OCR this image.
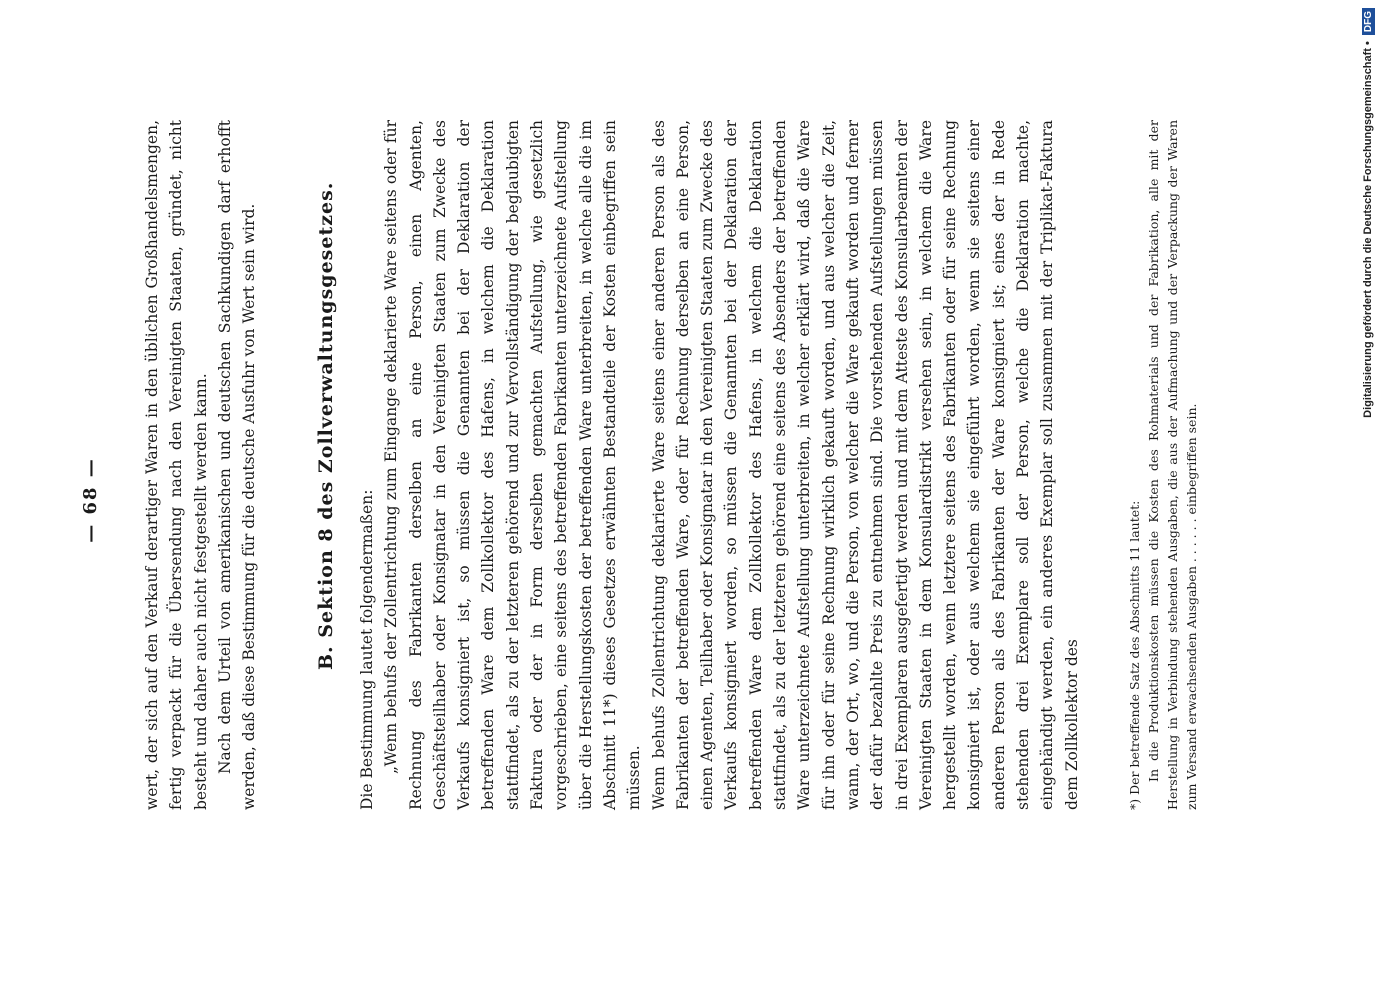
— 68 —	wert, der sich auf den Verkauf derartiger Waren in den üblichen Großhandelsmengen, fertig verpackt für die Übersendung nach den Vereinigten Staaten, gründet, nicht besteht und daher auch nicht festgestellt werden kann. Nach dem Urteil von amerikanischen und deutschen Sachkundigen darf erhofft werden, daß diese Bestimmung für die deutsche Ausfuhr von Wert sein wird.	B. Sektion 8 des Zollverwaltungsgesetzes.

Die Bestimmung lautet folgendermaßen: „Wenn behufs der Zollentrichtung zum Eingange deklarierte Ware seitens oder für Rechnung des Fabrikanten derselben an eine Person, einen Agenten, Geschäftsteilhaber oder Konsignatar in den Vereinigten Staaten zum Zwecke des Verkaufs konsigniert ist, so müssen die Genannten bei der Deklaration der betreffenden Ware dem Zollkollektor des Hafens, in welchem die Deklaration stattfindet, als zu der letzteren gehörend und zur Vervollständigung der beglaubigten Faktura oder der in Form derselben gemachten Aufstellung, wie gesetzlich vorgeschrieben, eine seitens des betreffenden Fabrikanten unterzeichnete Aufstellung über die Herstellungskosten der betreffenden Ware unterbreiten, in welche alle die im Abschnitt 11*) dieses Gesetzes erwähnten Bestandteile der Kosten einbegriffen sein müssen. Wenn behufs Zollentrichtung deklarierte Ware seitens einer anderen Person als des Fabrikanten der betreffenden Ware, oder für Rechnung derselben an eine Person, einen Agenten, Teilhaber oder Konsignatar in den Vereinigten Staaten zum Zwecke des Verkaufs konsigniert worden, so müssen die Genannten bei der Deklaration der betreffenden Ware dem Zollkollektor des Hafens, in welchem die Deklaration stattfindet, als zu der letzteren gehörend eine seitens des Absenders der betreffenden Ware unterzeichnete Aufstellung unterbreiten, in welcher erklärt wird, daß die Ware für ihn oder für seine Rechnung wirklich gekauft worden, und aus welcher die Zeit, wann, der Ort, wo, und die Person, von welcher die Ware gekauft worden und ferner der dafür bezahlte Preis zu entnehmen sind. Die vorstehenden Aufstellungen müssen in drei Exemplaren ausgefertigt werden und mit dem Atteste des Konsularbeamten der Vereinigten Staaten in dem Konsulardistrikt versehen sein, in welchem die Ware hergestellt worden, wenn letztere seitens des Fabrikanten oder für seine Rechnung konsigniert ist, oder aus welchem sie eingeführt worden, wenn sie seitens einer anderen Person als des Fabrikanten der Ware konsigniert ist; eines der in Rede stehenden drei Exemplare soll der Person, welche die Deklaration machte, eingehändigt werden, ein anderes Exemplar soll zusammen mit der Triplikat-Faktura dem Zollkollektor des	*) Der betreffende Satz des Abschnitts 11 lautet: In die Produktionskosten müssen die Kosten des Rohmaterials und der Fabrikation, alle mit der Herstellung in Verbindung stehenden Ausgaben, die aus der Aufmachung und der Verpackung der Waren zum Versand erwachsenden Ausgaben . . . . . . einbegriffen sein.

Digitalisierung gefördert durch die Deutsche Forschungsgemeinschaft •
DFG
